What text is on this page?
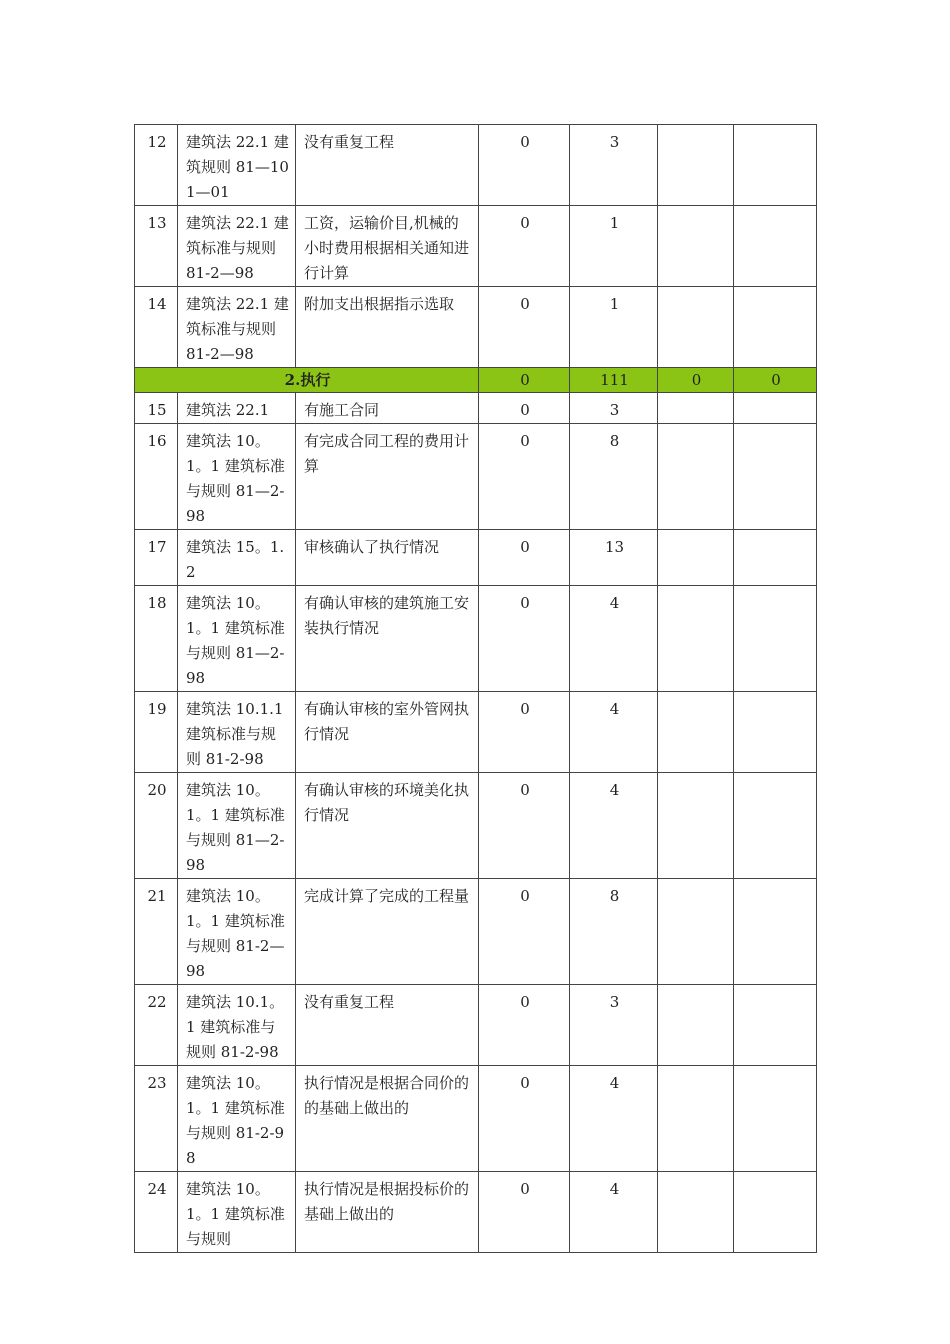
12	建筑法 22.1 建筑规则 81—101—01	没有重复工程	0	3		
13	建筑法 22.1 建筑标准与规则 81-2—98	工资，运输价目,机械的小时费用根据相关通知进行计算	0	1		
14	建筑法 22.1 建筑标准与规则 81-2—98	附加支出根据指示选取	0	1		
2.执行			0	111	0	0
15	建筑法 22.1	有施工合同	0	3		
16	建筑法 10。1。1 建筑标准与规则 81—2-98	有完成合同工程的费用计算	0	8		
17	建筑法 15。1.2	审核确认了执行情况	0	13		
18	建筑法 10。1。1 建筑标准与规则 81—2-98	有确认审核的建筑施工安装执行情况	0	4		
19	建筑法 10.1.1 建筑标准与规则 81-2-98	有确认审核的室外管网执行情况	0	4		
20	建筑法 10。1。1 建筑标准与规则 81—2-98	有确认审核的环境美化执行情况	0	4		
21	建筑法 10。1。1 建筑标准与规则 81-2—98	完成计算了完成的工程量	0	8		
22	建筑法 10.1。1 建筑标准与规则 81-2-98	没有重复工程	0	3		
23	建筑法 10。1。1 建筑标准与规则 81-2-98	执行情况是根据合同价的的基础上做出的	0	4		
24	建筑法 10。1。1 建筑标准与规则	执行情况是根据投标价的基础上做出的	0	4		
